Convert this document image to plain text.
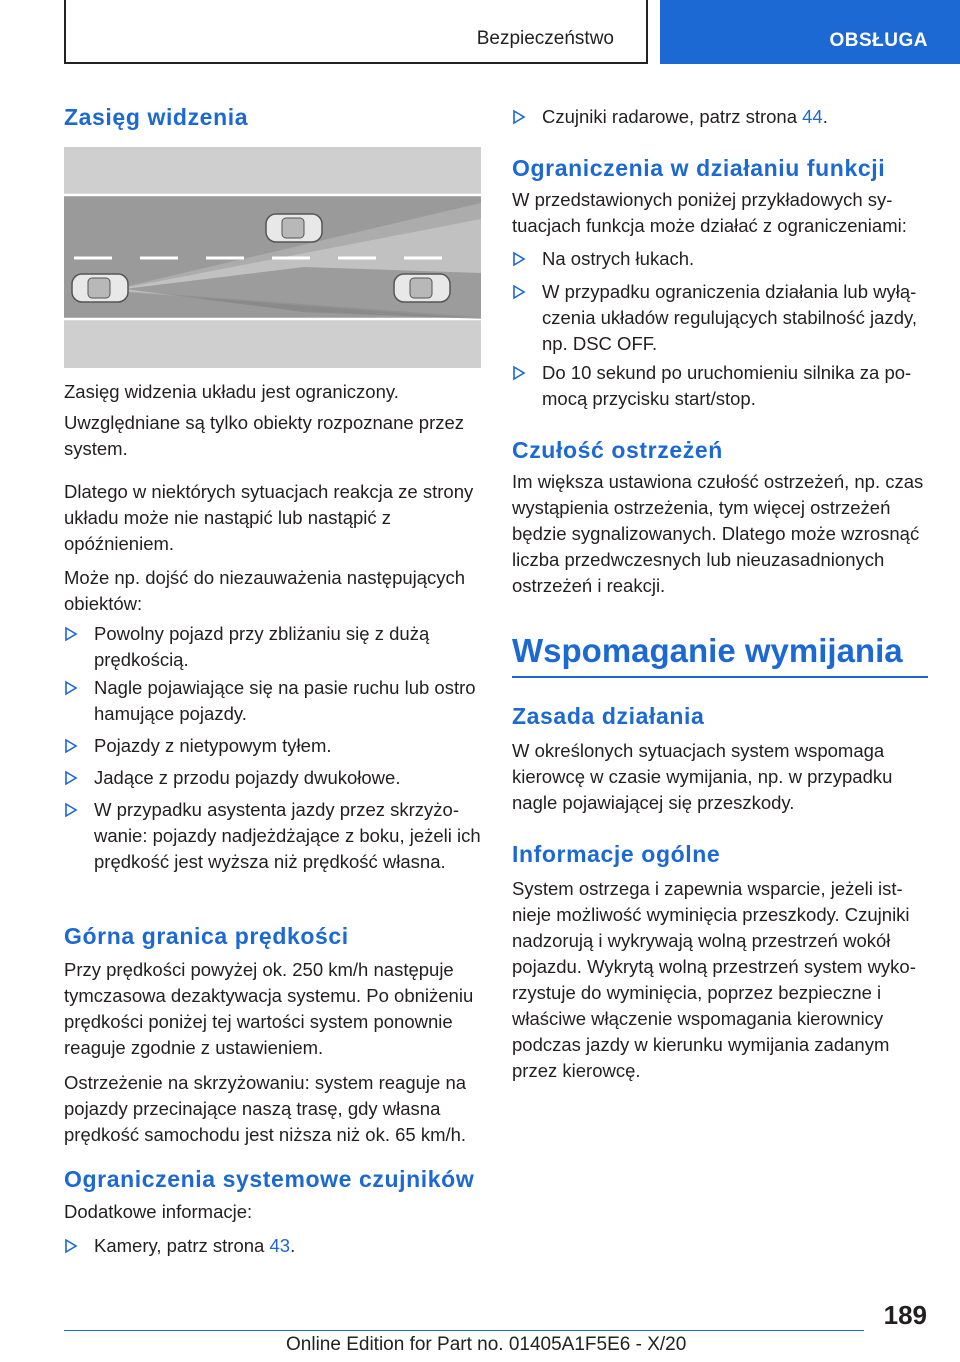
Bezpieczeństwo	OBSŁUGA
Zasięg widzenia

Zasięg widzenia układu jest ograniczony.

Uwzględniane są tylko obiekty rozpoznane przez system.

Dlatego w niektórych sytuacjach reakcja ze strony układu może nie nastąpić lub nastąpić z opóźnieniem.

Może np. dojść do niezauważenia następujących obiektów:

Powolny pojazd przy zbliżaniu się z dużą prędkością.
Nagle pojawiające się na pasie ruchu lub ostro hamujące pojazdy.
Pojazdy z nietypowym tyłem.
Jadące z przodu pojazdy dwukołowe.
W przypadku asystenta jazdy przez skrzyżowanie: pojazdy nadjeżdżające z boku, jeżeli ich prędkość jest wyższa niż prędkość własna.
Górna granica prędkości

Przy prędkości powyżej ok. 250 km/h następuje tymczasowa dezaktywacja systemu. Po obniżeniu prędkości poniżej tej wartości system ponownie reaguje zgodnie z ustawieniem.

Ostrzeżenie na skrzyżowaniu: system reaguje na pojazdy przecinające naszą trasę, gdy własna prędkość samochodu jest niższa niż ok. 65 km/h.

Ograniczenia systemowe czujników

Dodatkowe informacje:

Kamery, patrz strona 43.
Czujniki radarowe, patrz strona 44.
Ograniczenia w działaniu funkcji

W przedstawionych poniżej przykładowych sytuacjach funkcja może działać z ograniczeniami:

Na ostrych łukach.
W przypadku ograniczenia działania lub wyłączenia układów regulujących stabilność jazdy, np. DSC OFF.
Do 10 sekund po uruchomieniu silnika za pomocą przycisku start/stop.
Czułość ostrzeżeń

Im większa ustawiona czułość ostrzeżeń, np. czas wystąpienia ostrzeżenia, tym więcej ostrzeżeń będzie sygnalizowanych. Dlatego może wzrosnąć liczba przedwczesnych lub nieuzasadnionych ostrzeżeń i reakcji.

Wspomaganie wymijania
Zasada działania

W określonych sytuacjach system wspomaga kierowcę w czasie wymijania, np. w przypadku nagle pojawiającej się przeszkody.

Informacje ogólne

System ostrzega i zapewnia wsparcie, jeżeli istnieje możliwość wyminięcia przeszkody. Czujniki nadzorują i wykrywają wolną przestrzeń wokół pojazdu. Wykrytą wolną przestrzeń system wykorzystuje do wyminięcia, poprzez bezpieczne i właściwe włączenie wspomagania kierownicy podczas jazdy w kierunku wymijania zadanym przez kierowcę.

189
Online Edition for Part no. 01405A1F5E6 - X/20
